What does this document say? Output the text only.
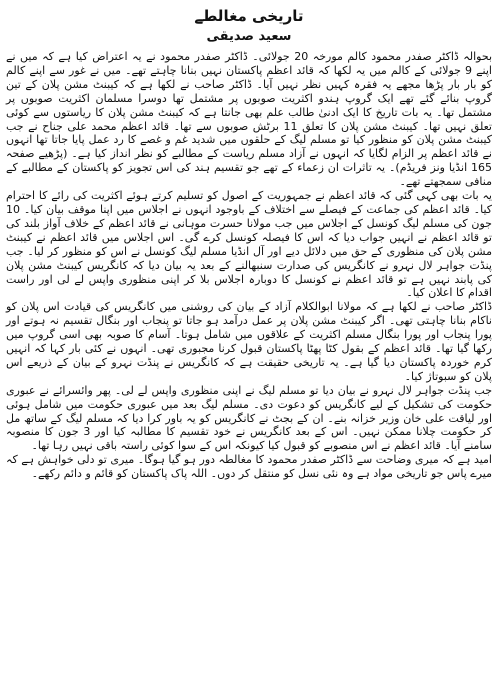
تاریخی مغالطے
سعید صدیقی

بحوالہ ڈاکٹر صفدر محمود کالم مورخہ 20 جولائی۔ ڈاکٹر صفدر محمود نے یہ اعتراض کیا ہے کہ میں نے اپنے 9 جولائی کے کالم میں یہ لکھا کہ قائد اعظم پاکستان نہیں بنانا چاہتے تھے۔ میں نے غور سے اپنے کالم کو بار بار پڑھا مجھے یہ فقرہ کہیں نظر نہیں آیا۔ ڈاکٹر صاحب نے لکھا ہے کہ کیبنٹ مشن پلان کے تین گروپ بنائے گئے تھے ایک گروپ ہندو اکثریت صوبوں پر مشتمل تھا دوسرا مسلمان اکثریت صوبوں پر مشتمل تھا۔ یہ بات تاریخ کا ایک ادنیٰ طالب علم بھی جانتا ہے کہ کیبنٹ مشن پلان کا ریاستوں سے کوئی تعلق نہیں تھا۔ کیبنٹ مشن پلان کا تعلق 11 برٹش صوبوں سے تھا۔ قائد اعظم محمد علی جناح نے جب کیبنٹ مشن پلان کو منظور کیا تو مسلم لیگ کے حلقوں میں شدید غم و غصے کا رد عمل پایا جاتا تھا انہوں نے قائد اعظم پر الزام لگایا کہ انہوں نے آزاد مسلم ریاست کے مطالبے کو نظر انداز کیا ہے۔ (پڑھیے صفحہ 165 انڈیا ونز فریڈم)۔ یہ تاثرات ان زعماء کے تھے جو تقسیم ہند کی اس تجویز کو پاکستان کے مطالبے کے منافی سمجھتے تھے۔

یہ بات بھی کہی گئی کہ قائد اعظم نے جمہوریت کے اصول کو تسلیم کرتے ہوئے اکثریت کی رائے کا احترام کیا۔ قائد اعظم کی جماعت کے فیصلے سے اختلاف کے باوجود انہوں نے اجلاس میں اپنا موقف بیان کیا۔ 10 جون کی مسلم لیگ کونسل کے اجلاس میں جب مولانا حسرت موہانی نے قائد اعظم کے خلاف آواز بلند کی تو قائد اعظم نے انہیں جواب دیا کہ اس کا فیصلہ کونسل کرے گی۔ اس اجلاس میں قائد اعظم نے کیبنٹ مشن پلان کی منظوری کے حق میں دلائل دیے اور آل انڈیا مسلم لیگ کونسل نے اس کو منظور کر لیا۔ جب پنڈت جواہر لال نہرو نے کانگریس کی صدارت سنبھالنے کے بعد یہ بیان دیا کہ کانگریس کیبنٹ مشن پلان کی پابند نہیں ہے تو قائد اعظم نے کونسل کا دوبارہ اجلاس بلا کر اپنی منظوری واپس لے لی اور راست اقدام کا اعلان کیا۔

ڈاکٹر صاحب نے لکھا ہے کہ مولانا ابوالکلام آزاد کے بیان کی روشنی میں کانگریس کی قیادت اس پلان کو ناکام بنانا چاہتی تھی۔ اگر کیبنٹ مشن پلان پر عمل درآمد ہو جاتا تو پنجاب اور بنگال تقسیم نہ ہوتے اور پورا پنجاب اور پورا بنگال مسلم اکثریت کے علاقوں میں شامل ہوتا۔ آسام کا صوبہ بھی اسی گروپ میں رکھا گیا تھا۔ قائد اعظم کے بقول کٹا پھٹا پاکستان قبول کرنا مجبوری تھی۔ انہوں نے کئی بار کہا کہ انہیں کرم خوردہ پاکستان دیا گیا ہے۔ یہ تاریخی حقیقت ہے کہ کانگریس نے پنڈت نہرو کے بیان کے ذریعے اس پلان کو سبوتاژ کیا۔

جب پنڈت جواہر لال نہرو نے بیان دیا تو مسلم لیگ نے اپنی منظوری واپس لے لی۔ پھر وائسرائے نے عبوری حکومت کی تشکیل کے لیے کانگریس کو دعوت دی۔ مسلم لیگ بعد میں عبوری حکومت میں شامل ہوئی اور لیاقت علی خان وزیر خزانہ بنے۔ ان کے بجٹ نے کانگریس کو یہ باور کرا دیا کہ مسلم لیگ کے ساتھ مل کر حکومت چلانا ممکن نہیں۔ اس کے بعد کانگریس نے خود تقسیم کا مطالبہ کیا اور 3 جون کا منصوبہ سامنے آیا۔ قائد اعظم نے اس منصوبے کو قبول کیا کیونکہ اس کے سوا کوئی راستہ باقی نہیں رہا تھا۔

امید ہے کہ میری وضاحت سے ڈاکٹر صفدر محمود کا مغالطہ دور ہو گیا ہوگا۔ میری تو دلی خواہش ہے کہ میرے پاس جو تاریخی مواد ہے وہ نئی نسل کو منتقل کر دوں۔ اللہ پاک پاکستان کو قائم و دائم رکھے۔
